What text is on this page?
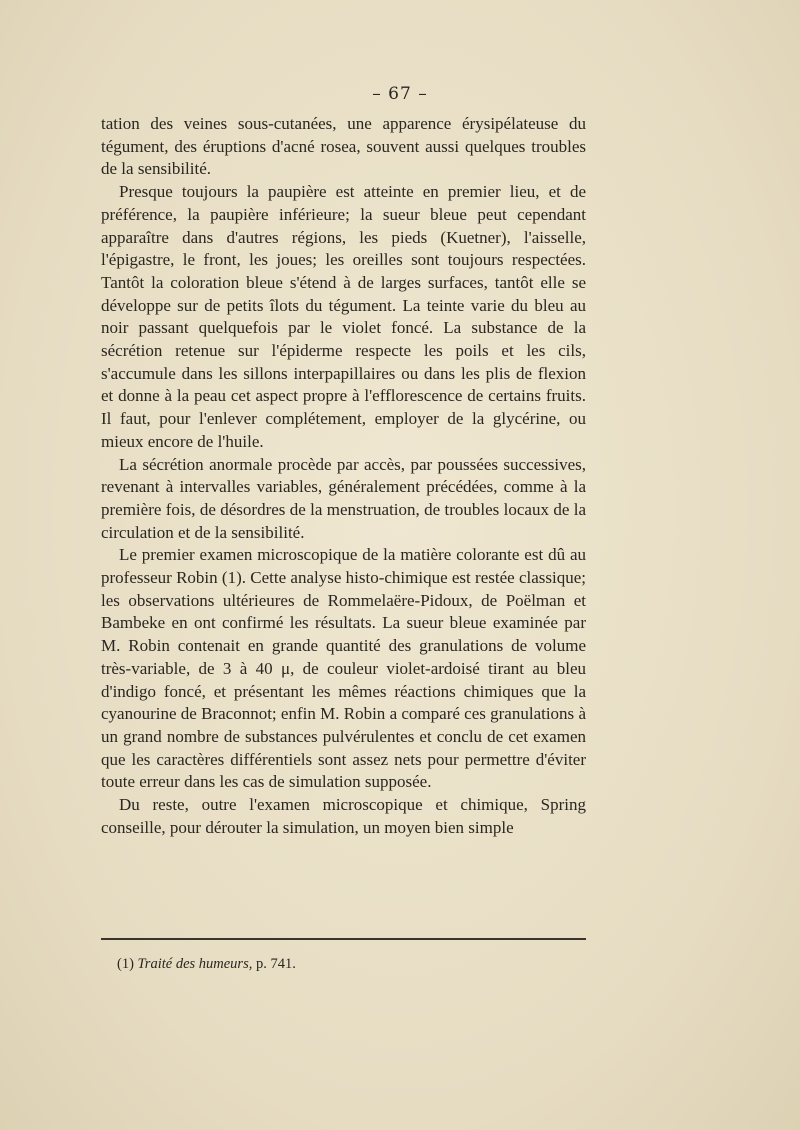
– 67 –

tation des veines sous-cutanées, une apparence érysipélateuse du tégument, des éruptions d'acné rosea, souvent aussi quelques troubles de la sensibilité.

Presque toujours la paupière est atteinte en premier lieu, et de préférence, la paupière inférieure; la sueur bleue peut cependant apparaître dans d'autres régions, les pieds (Kuetner), l'aisselle, l'épigastre, le front, les joues; les oreilles sont toujours respectées. Tantôt la coloration bleue s'étend à de larges surfaces, tantôt elle se développe sur de petits îlots du tégument. La teinte varie du bleu au noir passant quelquefois par le violet foncé. La substance de la sécrétion retenue sur l'épiderme respecte les poils et les cils, s'accumule dans les sillons interpapillaires ou dans les plis de flexion et donne à la peau cet aspect propre à l'efflorescence de certains fruits. Il faut, pour l'enlever complétement, employer de la glycérine, ou mieux encore de l'huile.

La sécrétion anormale procède par accès, par poussées successives, revenant à intervalles variables, généralement précédées, comme à la première fois, de désordres de la menstruation, de troubles locaux de la circulation et de la sensibilité.

Le premier examen microscopique de la matière colorante est dû au professeur Robin (1). Cette analyse histo-chimique est restée classique; les observations ultérieures de Rommelaëre-Pidoux, de Poëlman et Bambeke en ont confirmé les résultats. La sueur bleue examinée par M. Robin contenait en grande quantité des granulations de volume très-variable, de 3 à 40 μ, de couleur violet-ardoisé tirant au bleu d'indigo foncé, et présentant les mêmes réactions chimiques que la cyanourine de Braconnot; enfin M. Robin a comparé ces granulations à un grand nombre de substances pulvérulentes et conclu de cet examen que les caractères différentiels sont assez nets pour permettre d'éviter toute erreur dans les cas de simulation supposée.

Du reste, outre l'examen microscopique et chimique, Spring conseille, pour dérouter la simulation, un moyen bien simple

(1) Traité des humeurs, p. 741.
